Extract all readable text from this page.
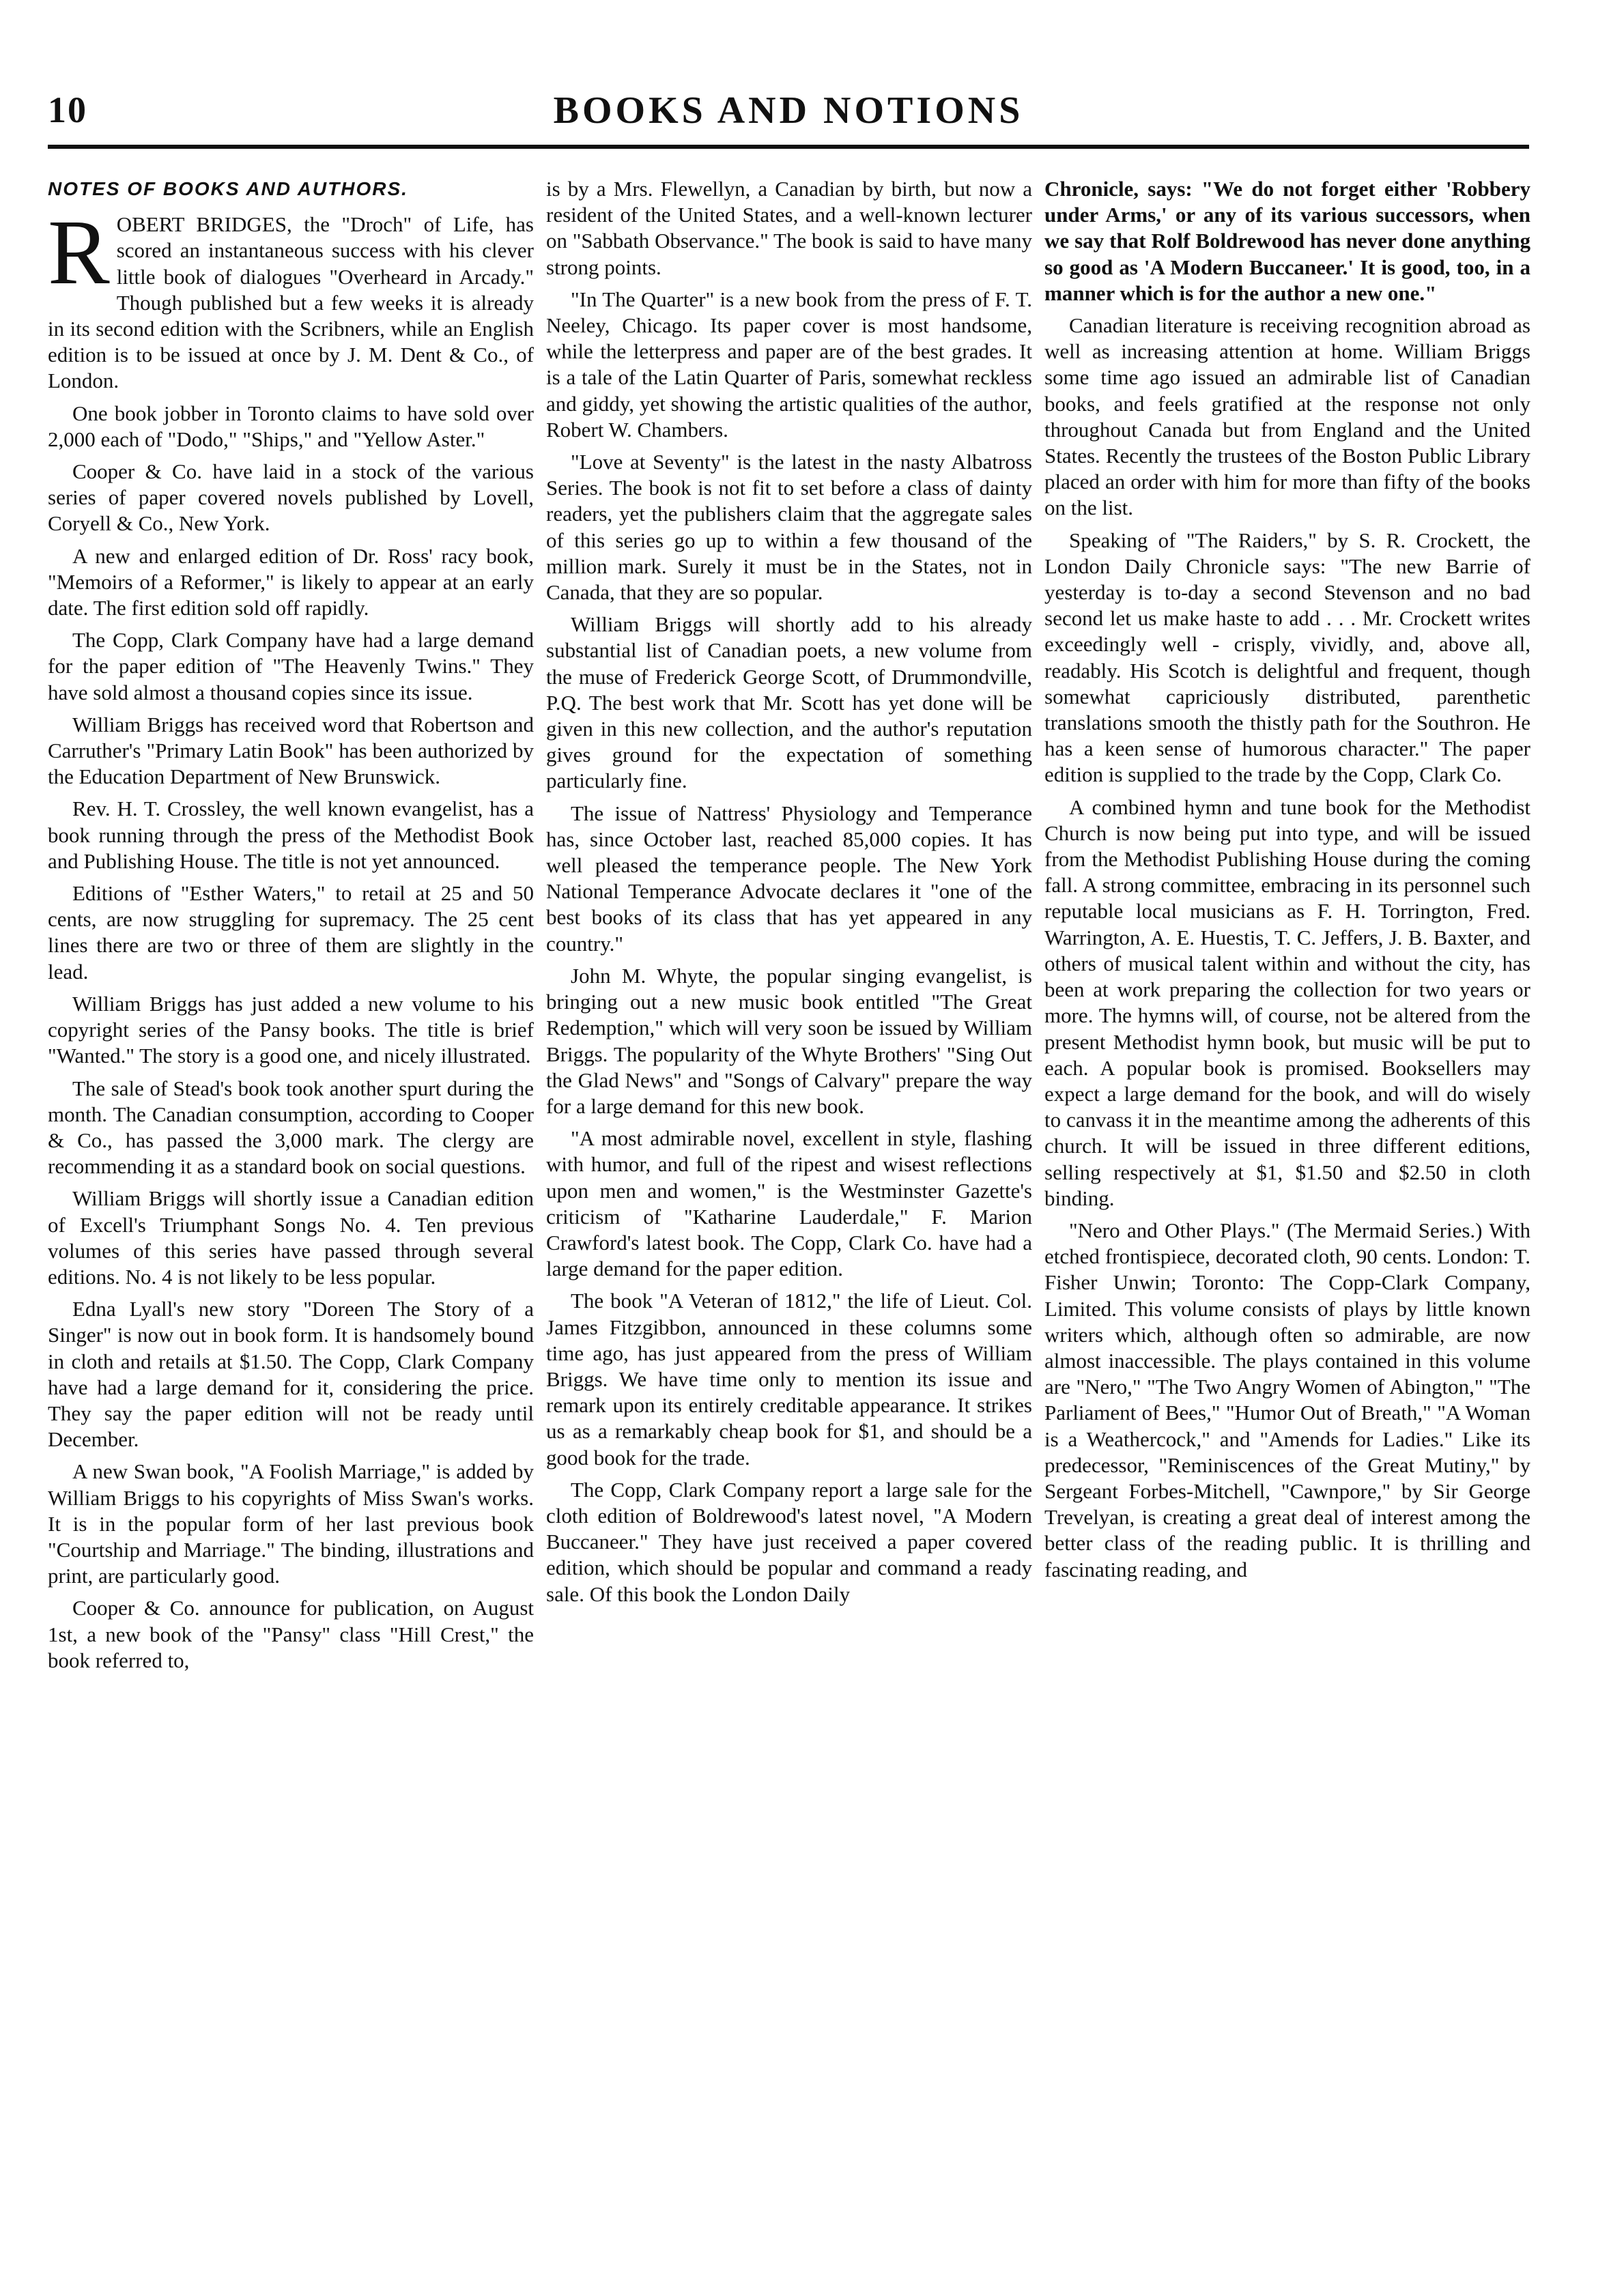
10	BOOKS AND NOTIONS
NOTES OF BOOKS AND AUTHORS.

ROBERT BRIDGES, the "Droch" of Life, has scored an instantaneous success with his clever little book of dialogues "Overheard in Arcady." Though published but a few weeks it is already in its second edition with the Scribners, while an English edition is to be issued at once by J. M. Dent & Co., of London.

One book jobber in Toronto claims to have sold over 2,000 each of "Dodo," "Ships," and "Yellow Aster."

Cooper & Co. have laid in a stock of the various series of paper covered novels published by Lovell, Coryell & Co., New York.

A new and enlarged edition of Dr. Ross' racy book, "Memoirs of a Reformer," is likely to appear at an early date. The first edition sold off rapidly.

The Copp, Clark Company have had a large demand for the paper edition of "The Heavenly Twins." They have sold almost a thousand copies since its issue.

William Briggs has received word that Robertson and Carruther's "Primary Latin Book" has been authorized by the Education Department of New Brunswick.

Rev. H. T. Crossley, the well known evangelist, has a book running through the press of the Methodist Book and Publishing House. The title is not yet announced.

Editions of "Esther Waters," to retail at 25 and 50 cents, are now struggling for supremacy. The 25 cent lines there are two or three of them are slightly in the lead.

William Briggs has just added a new volume to his copyright series of the Pansy books. The title is brief "Wanted." The story is a good one, and nicely illustrated.

The sale of Stead's book took another spurt during the month. The Canadian consumption, according to Cooper & Co., has passed the 3,000 mark. The clergy are recommending it as a standard book on social questions.

William Briggs will shortly issue a Canadian edition of Excell's Triumphant Songs No. 4. Ten previous volumes of this series have passed through several editions. No. 4 is not likely to be less popular.

Edna Lyall's new story "Doreen The Story of a Singer" is now out in book form. It is handsomely bound in cloth and retails at $1.50. The Copp, Clark Company have had a large demand for it, considering the price. They say the paper edition will not be ready until December.

A new Swan book, "A Foolish Marriage," is added by William Briggs to his copyrights of Miss Swan's works. It is in the popular form of her last previous book "Courtship and Marriage." The binding, illustrations and print, are particularly good.

Cooper & Co. announce for publication, on August 1st, a new book of the "Pansy" class "Hill Crest," the book referred to,

is by a Mrs. Flewellyn, a Canadian by birth, but now a resident of the United States, and a well-known lecturer on "Sabbath Observance." The book is said to have many strong points.

"In The Quarter" is a new book from the press of F. T. Neeley, Chicago. Its paper cover is most handsome, while the letterpress and paper are of the best grades. It is a tale of the Latin Quarter of Paris, somewhat reckless and giddy, yet showing the artistic qualities of the author, Robert W. Chambers.

"Love at Seventy" is the latest in the nasty Albatross Series. The book is not fit to set before a class of dainty readers, yet the publishers claim that the aggregate sales of this series go up to within a few thousand of the million mark. Surely it must be in the States, not in Canada, that they are so popular.

William Briggs will shortly add to his already substantial list of Canadian poets, a new volume from the muse of Frederick George Scott, of Drummondville, P.Q. The best work that Mr. Scott has yet done will be given in this new collection, and the author's reputation gives ground for the expectation of something particularly fine.

The issue of Nattress' Physiology and Temperance has, since October last, reached 85,000 copies. It has well pleased the temperance people. The New York National Temperance Advocate declares it "one of the best books of its class that has yet appeared in any country."

John M. Whyte, the popular singing evangelist, is bringing out a new music book entitled "The Great Redemption," which will very soon be issued by William Briggs. The popularity of the Whyte Brothers' "Sing Out the Glad News" and "Songs of Calvary" prepare the way for a large demand for this new book.

"A most admirable novel, excellent in style, flashing with humor, and full of the ripest and wisest reflections upon men and women," is the Westminster Gazette's criticism of "Katharine Lauderdale," F. Marion Crawford's latest book. The Copp, Clark Co. have had a large demand for the paper edition.

The book "A Veteran of 1812," the life of Lieut. Col. James Fitzgibbon, announced in these columns some time ago, has just appeared from the press of William Briggs. We have time only to mention its issue and remark upon its entirely creditable appearance. It strikes us as a remarkably cheap book for $1, and should be a good book for the trade.

The Copp, Clark Company report a large sale for the cloth edition of Boldrewood's latest novel, "A Modern Buccaneer." They have just received a paper covered edition, which should be popular and command a ready sale. Of this book the London Daily

Chronicle, says: "We do not forget either 'Robbery under Arms,' or any of its various successors, when we say that Rolf Boldrewood has never done anything so good as 'A Modern Buccaneer.' It is good, too, in a manner which is for the author a new one."

Canadian literature is receiving recognition abroad as well as increasing attention at home. William Briggs some time ago issued an admirable list of Canadian books, and feels gratified at the response not only throughout Canada but from England and the United States. Recently the trustees of the Boston Public Library placed an order with him for more than fifty of the books on the list.

Speaking of "The Raiders," by S. R. Crockett, the London Daily Chronicle says: "The new Barrie of yesterday is to-day a second Stevenson and no bad second let us make haste to add . . . Mr. Crockett writes exceedingly well - crisply, vividly, and, above all, readably. His Scotch is delightful and frequent, though somewhat capriciously distributed, parenthetic translations smooth the thistly path for the Southron. He has a keen sense of humorous character." The paper edition is supplied to the trade by the Copp, Clark Co.

A combined hymn and tune book for the Methodist Church is now being put into type, and will be issued from the Methodist Publishing House during the coming fall. A strong committee, embracing in its personnel such reputable local musicians as F. H. Torrington, Fred. Warrington, A. E. Huestis, T. C. Jeffers, J. B. Baxter, and others of musical talent within and without the city, has been at work preparing the collection for two years or more. The hymns will, of course, not be altered from the present Methodist hymn book, but music will be put to each. A popular book is promised. Booksellers may expect a large demand for the book, and will do wisely to canvass it in the meantime among the adherents of this church. It will be issued in three different editions, selling respectively at $1, $1.50 and $2.50 in cloth binding.

"Nero and Other Plays." (The Mermaid Series.) With etched frontispiece, decorated cloth, 90 cents. London: T. Fisher Unwin; Toronto: The Copp-Clark Company, Limited. This volume consists of plays by little known writers which, although often so admirable, are now almost inaccessible. The plays contained in this volume are "Nero," "The Two Angry Women of Abington," "The Parliament of Bees," "Humor Out of Breath," "A Woman is a Weathercock," and "Amends for Ladies." Like its predecessor, "Reminiscences of the Great Mutiny," by Sergeant Forbes-Mitchell, "Cawnpore," by Sir George Trevelyan, is creating a great deal of interest among the better class of the reading public. It is thrilling and fascinating reading, and
